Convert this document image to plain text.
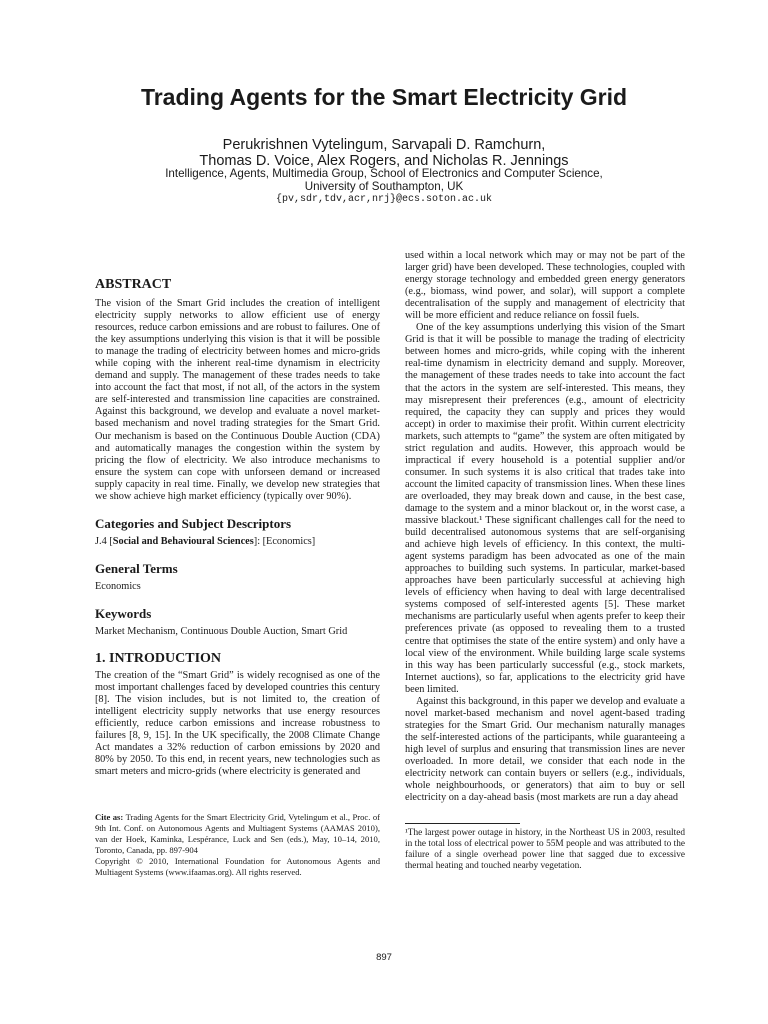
Trading Agents for the Smart Electricity Grid
Perukrishnen Vytelingum, Sarvapali D. Ramchurn,
Thomas D. Voice, Alex Rogers, and Nicholas R. Jennings
Intelligence, Agents, Multimedia Group, School of Electronics and Computer Science,
University of Southampton, UK
{pv,sdr,tdv,acr,nrj}@ecs.soton.ac.uk
ABSTRACT

The vision of the Smart Grid includes the creation of intelligent electricity supply networks to allow efficient use of energy resources, reduce carbon emissions and are robust to failures. One of the key assumptions underlying this vision is that it will be possible to manage the trading of electricity between homes and micro-grids while coping with the inherent real-time dynamism in electricity demand and supply. The management of these trades needs to take into account the fact that most, if not all, of the actors in the system are self-interested and transmission line capacities are constrained. Against this background, we develop and evaluate a novel market-based mechanism and novel trading strategies for the Smart Grid. Our mechanism is based on the Continuous Double Auction (CDA) and automatically manages the congestion within the system by pricing the flow of electricity. We also introduce mechanisms to ensure the system can cope with unforseen demand or increased supply capacity in real time. Finally, we develop new strategies that we show achieve high market efficiency (typically over 90%).

Categories and Subject Descriptors

J.4 [Social and Behavioural Sciences]: [Economics]

General Terms

Economics

Keywords

Market Mechanism, Continuous Double Auction, Smart Grid

1. INTRODUCTION

The creation of the “Smart Grid” is widely recognised as one of the most important challenges faced by developed countries this century [8]. The vision includes, but is not limited to, the creation of intelligent electricity supply networks that use energy resources efficiently, reduce carbon emissions and increase robustness to failures [8, 9, 15]. In the UK specifically, the 2008 Climate Change Act mandates a 32% reduction of carbon emissions by 2020 and 80% by 2050. To this end, in recent years, new technologies such as smart meters and micro-grids (where electricity is generated and

Cite as: Trading Agents for the Smart Electricity Grid, Vytelingum et al., Proc. of 9th Int. Conf. on Autonomous Agents and Multiagent Systems (AAMAS 2010), van der Hoek, Kaminka, Lespérance, Luck and Sen (eds.), May, 10–14, 2010, Toronto, Canada, pp. 897-904

Copyright © 2010, International Foundation for Autonomous Agents and Multiagent Systems (www.ifaamas.org). All rights reserved.

used within a local network which may or may not be part of the larger grid) have been developed. These technologies, coupled with energy storage technology and embedded green energy generators (e.g., biomass, wind power, and solar), will support a complete decentralisation of the supply and management of electricity that will be more efficient and reduce reliance on fossil fuels.

One of the key assumptions underlying this vision of the Smart Grid is that it will be possible to manage the trading of electricity between homes and micro-grids, while coping with the inherent real-time dynamism in electricity demand and supply. Moreover, the management of these trades needs to take into account the fact that the actors in the system are self-interested. This means, they may misrepresent their preferences (e.g., amount of electricity required, the capacity they can supply and prices they would accept) in order to maximise their profit. Within current electricity markets, such attempts to “game” the system are often mitigated by strict regulation and audits. However, this approach would be impractical if every household is a potential supplier and/or consumer. In such systems it is also critical that trades take into account the limited capacity of transmission lines. When these lines are overloaded, they may break down and cause, in the best case, damage to the system and a minor blackout or, in the worst case, a massive blackout.¹ These significant challenges call for the need to build decentralised autonomous systems that are self-organising and achieve high levels of efficiency. In this context, the multi-agent systems paradigm has been advocated as one of the main approaches to building such systems. In particular, market-based approaches have been particularly successful at achieving high levels of efficiency when having to deal with large decentralised systems composed of self-interested agents [5]. These market mechanisms are particularly useful when agents prefer to keep their preferences private (as opposed to revealing them to a trusted centre that optimises the state of the entire system) and only have a local view of the environment. While building large scale systems in this way has been particularly successful (e.g., stock markets, Internet auctions), so far, applications to the electricity grid have been limited.

Against this background, in this paper we develop and evaluate a novel market-based mechanism and novel agent-based trading strategies for the Smart Grid. Our mechanism naturally manages the self-interested actions of the participants, while guaranteeing a high level of surplus and ensuring that transmission lines are never overloaded. In more detail, we consider that each node in the electricity network can contain buyers or sellers (e.g., individuals, whole neighbourhoods, or generators) that aim to buy or sell electricity on a day-ahead basis (most markets are run a day ahead

¹The largest power outage in history, in the Northeast US in 2003, resulted in the total loss of electrical power to 55M people and was attributed to the failure of a single overhead power line that sagged due to excessive thermal heating and touched nearby vegetation.
897
